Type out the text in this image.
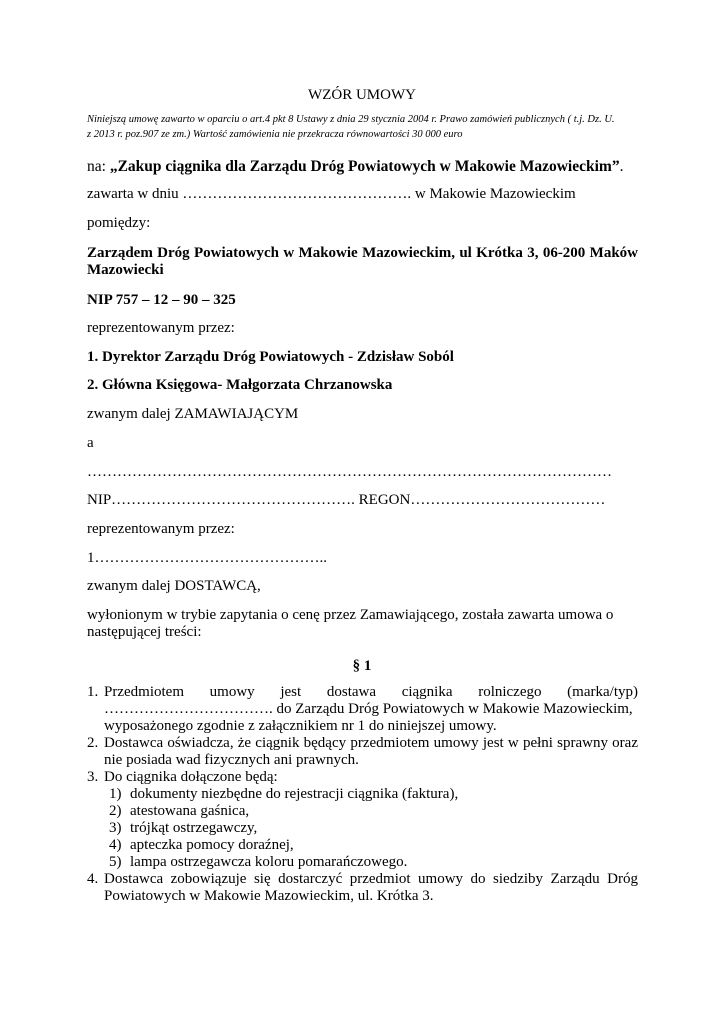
WZÓR UMOWY
Niniejszą umowę zawarto w oparciu o art.4 pkt 8 Ustawy z dnia 29 stycznia 2004 r. Prawo zamówień publicznych ( t.j. Dz. U.
z 2013 r. poz.907 ze zm.) Wartość zamówienia nie przekracza równowartości 30 000 euro
na: „Zakup ciągnika dla Zarządu Dróg Powiatowych w Makowie Mazowieckim”.
zawarta w dniu ………………………………………. w Makowie Mazowieckim
pomiędzy:
Zarządem Dróg Powiatowych w Makowie Mazowieckim, ul Krótka 3, 06-200 Maków
Mazowiecki
NIP 757 – 12 – 90 – 325
reprezentowanym przez:
1. Dyrektor Zarządu Dróg Powiatowych - Zdzisław Soból
2. Główna Księgowa- Małgorzata Chrzanowska
zwanym dalej ZAMAWIAJĄCYM
a
……………………………………………………………………………………………
NIP…………………………………………. REGON…………………………………
reprezentowanym przez:
1………………………………………..
zwanym dalej DOSTAWCĄ,
wyłonionym w trybie zapytania o cenę przez Zamawiającego, została zawarta umowa o
następującej treści:
§ 1
1. Przedmiotem umowy jest dostawa ciągnika rolniczego (marka/typ)
……………………………. do Zarządu Dróg Powiatowych w Makowie Mazowieckim,
wyposażonego zgodnie z załącznikiem nr 1 do niniejszej umowy.
2. Dostawca oświadcza, że ciągnik będący przedmiotem umowy jest w pełni sprawny oraz
nie posiada wad fizycznych ani prawnych.
3. Do ciągnika dołączone będą:
1) dokumenty niezbędne do rejestracji ciągnika (faktura),
2) atestowana gaśnica,
3) trójkąt ostrzegawczy,
4) apteczka pomocy doraźnej,
5) lampa ostrzegawcza koloru pomarańczowego.
4. Dostawca zobowiązuje się dostarczyć przedmiot umowy do siedziby Zarządu Dróg
Powiatowych w Makowie Mazowieckim, ul. Krótka 3.
